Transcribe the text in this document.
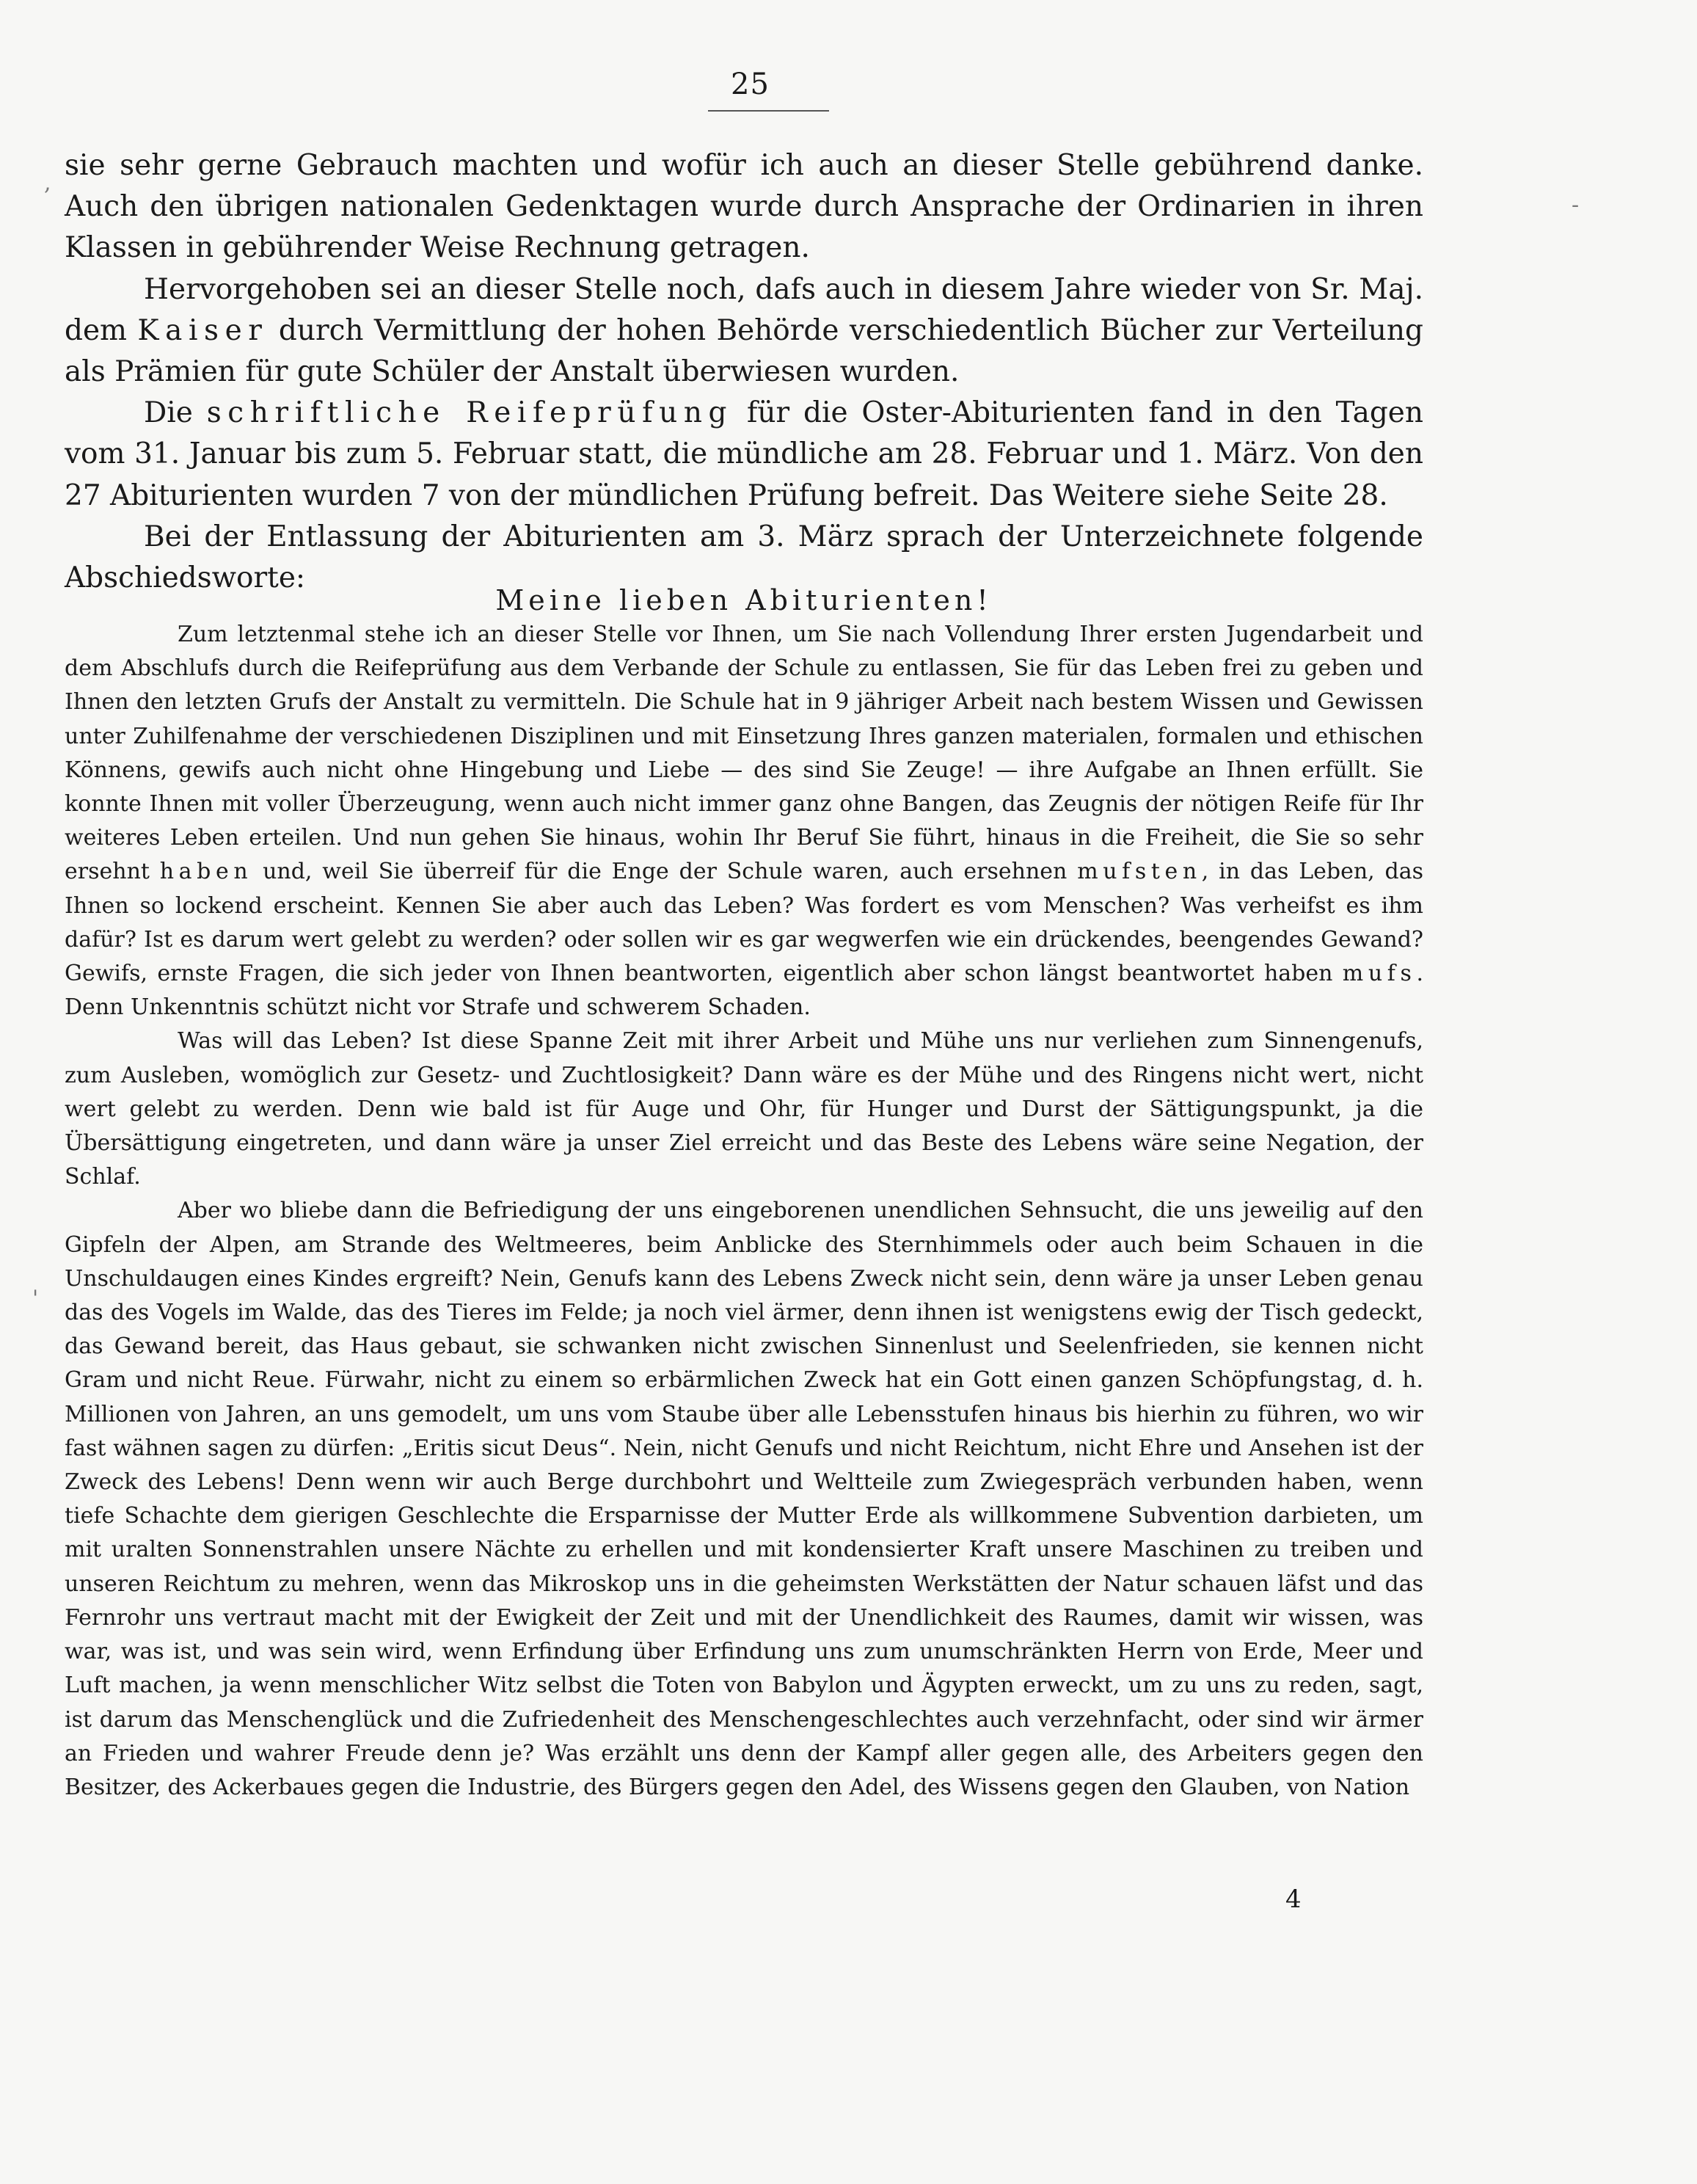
25
,
-
'

sie sehr gerne Gebrauch machten und wofür ich auch an dieser Stelle gebührend danke. Auch den übrigen nationalen Gedenktagen wurde durch Ansprache der Ordinarien in ihren Klassen in gebührender Weise Rechnung getragen.

Hervorgehoben sei an dieser Stelle noch, dafs auch in diesem Jahre wieder von Sr. Maj. dem Kaiser durch Vermittlung der hohen Behörde verschiedentlich Bücher zur Verteilung als Prämien für gute Schüler der Anstalt überwiesen wurden.

Die schriftliche Reifeprüfung für die Oster-Abiturienten fand in den Tagen vom 31. Januar bis zum 5. Februar statt, die mündliche am 28. Februar und 1. März. Von den 27 Abiturienten wurden 7 von der mündlichen Prüfung befreit. Das Weitere siehe Seite 28.

Bei der Entlassung der Abiturienten am 3. März sprach der Unterzeichnete folgende Abschiedsworte:

Meine lieben Abiturienten!

Zum letztenmal stehe ich an dieser Stelle vor Ihnen, um Sie nach Vollendung Ihrer ersten Jugendarbeit und dem Abschlufs durch die Reifeprüfung aus dem Verbande der Schule zu entlassen, Sie für das Leben frei zu geben und Ihnen den letzten Grufs der Anstalt zu vermitteln. Die Schule hat in 9 jähriger Arbeit nach bestem Wissen und Gewissen unter Zuhilfenahme der verschiedenen Disziplinen und mit Einsetzung Ihres ganzen materialen, formalen und ethischen Könnens, gewifs auch nicht ohne Hingebung und Liebe — des sind Sie Zeuge! — ihre Aufgabe an Ihnen erfüllt. Sie konnte Ihnen mit voller Überzeugung, wenn auch nicht immer ganz ohne Bangen, das Zeugnis der nötigen Reife für Ihr weiteres Leben erteilen. Und nun gehen Sie hinaus, wohin Ihr Beruf Sie führt, hinaus in die Freiheit, die Sie so sehr ersehnt haben und, weil Sie überreif für die Enge der Schule waren, auch ersehnen mufsten, in das Leben, das Ihnen so lockend erscheint. Kennen Sie aber auch das Leben? Was fordert es vom Menschen? Was verheifst es ihm dafür? Ist es darum wert gelebt zu werden? oder sollen wir es gar wegwerfen wie ein drückendes, beengendes Gewand? Gewifs, ernste Fragen, die sich jeder von Ihnen beantworten, eigentlich aber schon längst beantwortet haben mufs. Denn Unkenntnis schützt nicht vor Strafe und schwerem Schaden.

Was will das Leben? Ist diese Spanne Zeit mit ihrer Arbeit und Mühe uns nur verliehen zum Sinnengenufs, zum Ausleben, womöglich zur Gesetz- und Zuchtlosigkeit? Dann wäre es der Mühe und des Ringens nicht wert, nicht wert gelebt zu werden. Denn wie bald ist für Auge und Ohr, für Hunger und Durst der Sättigungspunkt, ja die Übersättigung eingetreten, und dann wäre ja unser Ziel erreicht und das Beste des Lebens wäre seine Negation, der Schlaf.

Aber wo bliebe dann die Befriedigung der uns eingeborenen unendlichen Sehnsucht, die uns jeweilig auf den Gipfeln der Alpen, am Strande des Weltmeeres, beim Anblicke des Sternhimmels oder auch beim Schauen in die Unschuldaugen eines Kindes ergreift? Nein, Genufs kann des Lebens Zweck nicht sein, denn wäre ja unser Leben genau das des Vogels im Walde, das des Tieres im Felde; ja noch viel ärmer, denn ihnen ist wenigstens ewig der Tisch gedeckt, das Gewand bereit, das Haus gebaut, sie schwanken nicht zwischen Sinnenlust und Seelenfrieden, sie kennen nicht Gram und nicht Reue. Fürwahr, nicht zu einem so erbärmlichen Zweck hat ein Gott einen ganzen Schöpfungstag, d. h. Millionen von Jahren, an uns gemodelt, um uns vom Staube über alle Lebensstufen hinaus bis hierhin zu führen, wo wir fast wähnen sagen zu dürfen: „Eritis sicut Deus“. Nein, nicht Genufs und nicht Reichtum, nicht Ehre und Ansehen ist der Zweck des Lebens! Denn wenn wir auch Berge durchbohrt und Weltteile zum Zwiegespräch verbunden haben, wenn tiefe Schachte dem gierigen Geschlechte die Ersparnisse der Mutter Erde als willkommene Subvention darbieten, um mit uralten Sonnenstrahlen unsere Nächte zu erhellen und mit kondensierter Kraft unsere Maschinen zu treiben und unseren Reichtum zu mehren, wenn das Mikroskop uns in die geheimsten Werkstätten der Natur schauen läfst und das Fernrohr uns vertraut macht mit der Ewigkeit der Zeit und mit der Unendlichkeit des Raumes, damit wir wissen, was war, was ist, und was sein wird, wenn Erfindung über Erfindung uns zum unumschränkten Herrn von Erde, Meer und Luft machen, ja wenn menschlicher Witz selbst die Toten von Babylon und Ägypten erweckt, um zu uns zu reden, sagt, ist darum das Menschenglück und die Zufriedenheit des Menschengeschlechtes auch verzehnfacht, oder sind wir ärmer an Frieden und wahrer Freude denn je? Was erzählt uns denn der Kampf aller gegen alle, des Arbeiters gegen den Besitzer, des Ackerbaues gegen die Industrie, des Bürgers gegen den Adel, des Wissens gegen den Glauben, von Nation

4
